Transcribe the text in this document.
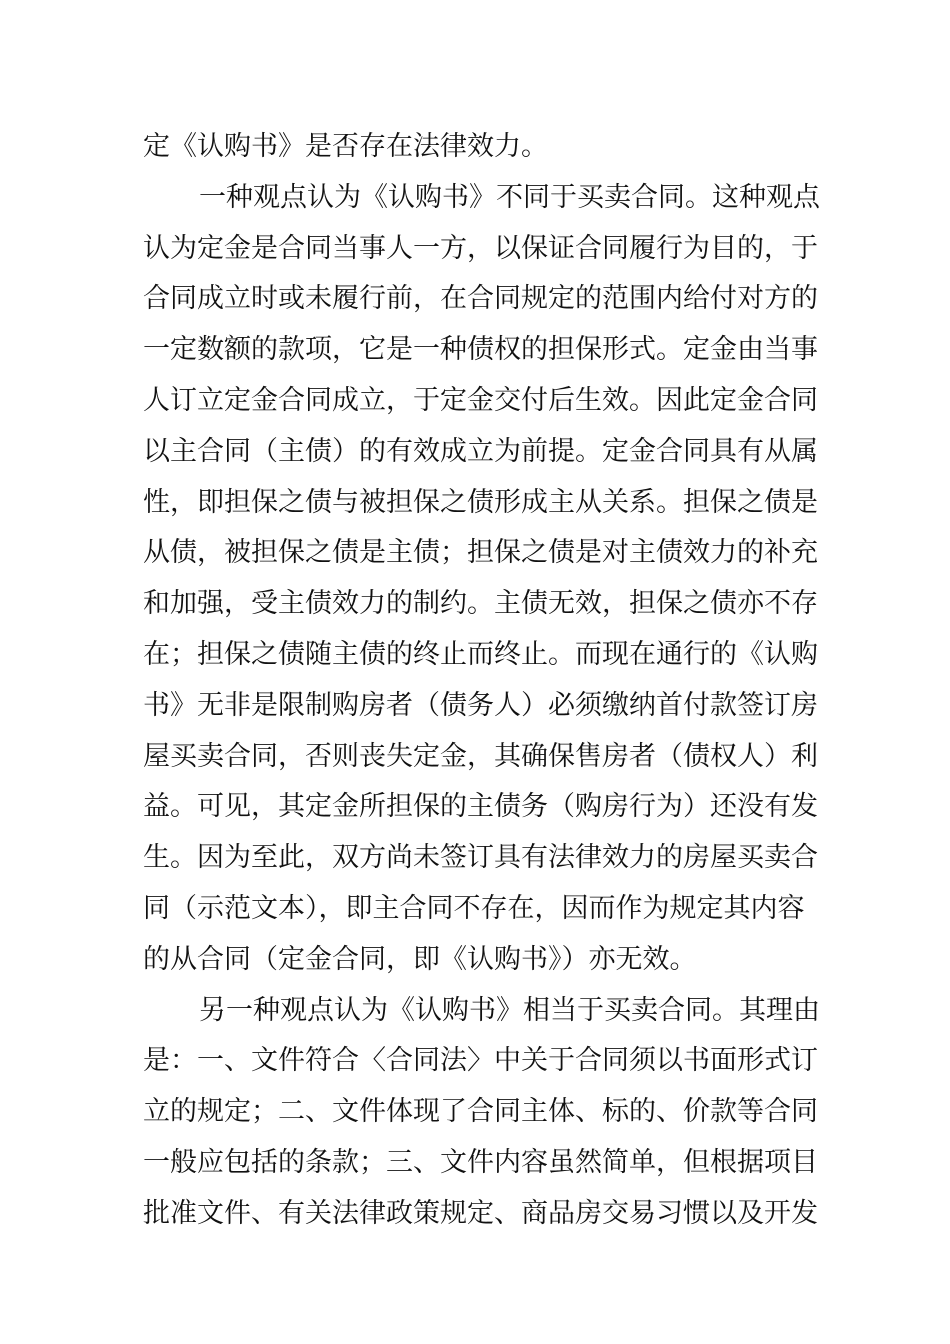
定《认购书》是否存在法律效力。
一种观点认为《认购书》不同于买卖合同。这种观点
认为定金是合同当事人一方，以保证合同履行为目的，于
合同成立时或未履行前，在合同规定的范围内给付对方的
一定数额的款项，它是一种债权的担保形式。定金由当事
人订立定金合同成立，于定金交付后生效。因此定金合同
以主合同（主债）的有效成立为前提。定金合同具有从属
性，即担保之债与被担保之债形成主从关系。担保之债是
从债，被担保之债是主债；担保之债是对主债效力的补充
和加强，受主债效力的制约。主债无效，担保之债亦不存
在；担保之债随主债的终止而终止。而现在通行的《认购
书》无非是限制购房者（债务人）必须缴纳首付款签订房
屋买卖合同，否则丧失定金，其确保售房者（债权人）利
益。可见，其定金所担保的主债务（购房行为）还没有发
生。因为至此，双方尚未签订具有法律效力的房屋买卖合
同（示范文本），即主合同不存在，因而作为规定其内容
的从合同（定金合同，即《认购书》）亦无效。
另一种观点认为《认购书》相当于买卖合同。其理由
是：一、文件符合〈合同法〉中关于合同须以书面形式订
立的规定；二、文件体现了合同主体、标的、价款等合同
一般应包括的条款；三、文件内容虽然简单，但根据项目
批准文件、有关法律政策规定、商品房交易习惯以及开发
